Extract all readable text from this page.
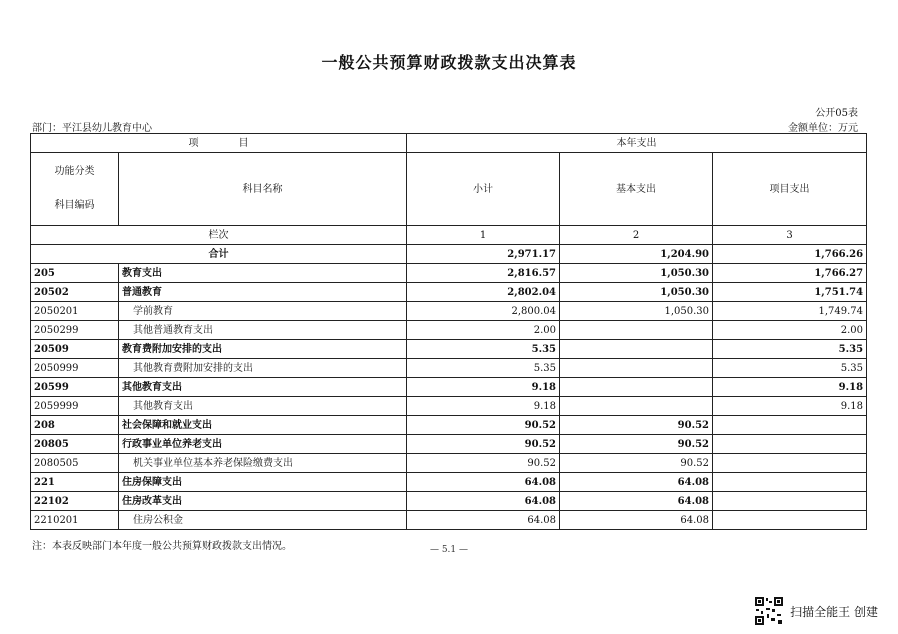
一般公共预算财政拨款支出决算表
公开05表
部门：平江县幼儿教育中心	金额单位：万元
项　　　　目		本年支出		

功能分类
科目编码	科目名称	小计	基本支出	项目支出
栏次		1	2	3
合计		2,971.17	1,204.90	1,766.26
205	教育支出	2,816.57	1,050.30	1,766.27
20502	普通教育	2,802.04	1,050.30	1,751.74
2050201	学前教育	2,800.04	1,050.30	1,749.74
2050299	其他普通教育支出	2.00		2.00
20509	教育费附加安排的支出	5.35		5.35
2050999	其他教育费附加安排的支出	5.35		5.35
20599	其他教育支出	9.18		9.18
2059999	其他教育支出	9.18		9.18
208	社会保障和就业支出	90.52	90.52	
20805	行政事业单位养老支出	90.52	90.52	
2080505	机关事业单位基本养老保险缴费支出	90.52	90.52	
221	住房保障支出	64.08	64.08	
22102	住房改革支出	64.08	64.08	
2210201	住房公积金	64.08	64.08	
注：本表反映部门本年度一般公共预算财政拨款支出情况。	— 5.1 —
扫描全能王 创建
